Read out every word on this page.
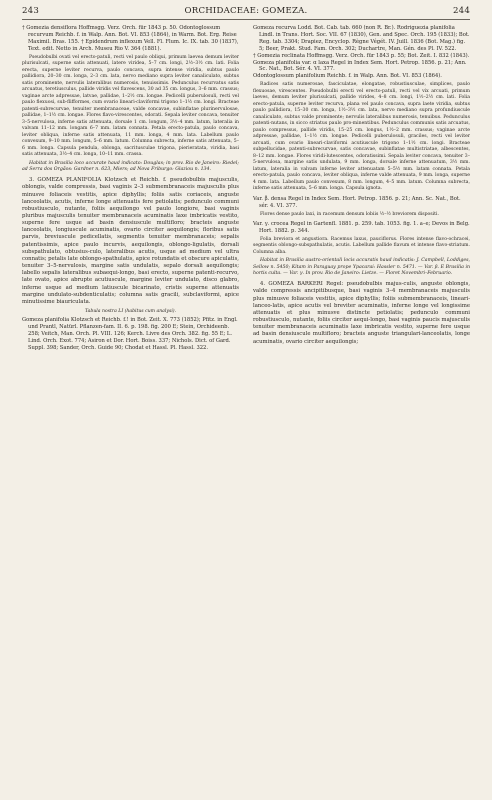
243	ORCHIDACEAE: GOMEZA.	244

† Gomezia densiflora Hoffmsgg. Verz. Orch. für 1843 p. 50. Odontoglossum recurvum Reichb. f. in Walp. Ann. Bot. VI. 853 (1864), in Warm. Bot. Erg. Reise Maximil. Bras. 155. † Epidendrum inflexum Vell. Fl. Flum. Ic. IX. tab. 30 (1837), Text. edit. Netto in Arch. Museu Rio V. 364 (1881).

Pseudobulbi ovati vel erecto-patuli, recti vel paulo obliqui, primum laevea demum leviter plurisulcati, superne satis attenuati, latere viridea, 5–7 cm. longi, 2½–3½ cm. lati. Folia erecta, superne leviter recurva, paulo concava, supra intense viridia, subtus paulo pallidiora, 20–30 cm. longa, 2–3 cm. lata, nervo mediano supra leviter canaliculato, subtus satis prominente, nervulis lateralibus numerosis, tenuissimis. Pedunculus recurvatus satis arcuatus, teretiusculus, pallide viridis vel flavescens, 30 ad 35 cm. longus, 3–6 mm. crassus; vaginae arcte adpressae, latvae, pallidae, 1–2½ cm. longae. Pedicelli puberulosuli, recti vel paulo flexuosi, sub-flifformes, cum ovario lineari-claviformi trigono 1–1½ cm. longi. Bracteae patenti-subrecurvae, tenuiter membranaceae, valde concavae, subinflatae plurinervulosae, pallidae, 1–1½ cm. longae. Flores flavo-virescentes, odorati. Sepala leviter concava, tenuiter 3–5-nervulosa, inferne satis attenuata, dorsale 1 cm. longum, 3½–4 mm. latum, lateralia in valvam 11–12 mm. longam 6–7 mm. latam connata. Petala erecto-patula, paulo concava, leviter obliqua, inferne satis attenuata, 11 mm. longa, 4 mm. lata. Labellum paulo convexum, 9–10 mm. longum, 5–6 mm. latum. Columna subrecta, inferne satis attenuata, 5–6 mm. longa. Capsula pendula, oblonga, sacritusculae trigona, pierieratata, viridia, basi satis attenuata, 3½–4 cm. longa, 10–11 mm. crassa.

Habitat in Brasilia loco accurate haud indicato: Douglas; in prov. Rio de Janeiro: Riedel; ad Serra dos Orgãos: Gardner n. 623, Miers; ad Nova Friburgo: Glaziou n. 134.

3. GOMEZA PLANIFOLIA Klotzsch et Reichb. f. pseudobulbis majusculis, oblongis, valde compressis, basi vaginis 2–3 submembranaceis majusculis plus minusve foliaceis vestitis, apice diphyllis; foliis satis coriaceis, anguste lanceolatis, acutis, inferne longe attenuatis fere petiolatis; pedunculo communi robustiusculo, nutante, foliis aequilongo vel paulo longiore, basi vaginis pluribus majusculis tenuiter membranaceis acuminatis laxe imbricatis vestito, superne fere usque ad basin densiuscule multifloro; bracteis anguste lanceolatis, longiuscule acuminatis, ovario circiter aequilongis; floribus satis parvis, breviuscule pedicellatis, segmentis tenuiter membranaceis; sepalis patentissimis, apice paulo incurvis, aequilongis, oblongo-ligulatis, dorsali subspathulato, obtusius-culo, lateralibus acutis, usque ad medium vel ultra connatis; petalis late oblongo-spathulatis, apice rotundatis et obscure apiculatis, tenuiter 3–5-nervulosis, margine satis undulatis, sepalo dorsali aequilongis; labello sepalis lateralibus subaequi-longo, basi erecto, superne patenti-recurvo, late ovato, apice abrupte acutiuscule, margine leviter undulato, disco glabro, inferne usque ad medium latiuscule bicarinato, cristis superne attenuatis margine undulato-subdenticulatis; columna satis gracili, subclaviformi, apice minutissime biauriculata.

Tabula nostra LI (habitus cum analysi).

Gomeza planifolia Klotzsch et Reichb. f.! in Bot. Zeit. X. 773 (1852); Pfitz. in Engl. und Prantl, Natürl. Pflanzen-fam. II. 6. p. 198. fig. 200 E; Stein, Orchideenb. 258; Veitch, Man. Orch. Pl. VIII. 126; Kerch. Livre des Orch. 382. fig. 55 E; L. Lind. Orch. Exot. 774; Asiron et Dor. Hort. Boiss. 337; Nichols. Dict. of Gard. Suppl. 398; Sander, Orch. Guide 90; Chodat et Hassl. Pl. Hassl. 322.

Gomeza recurva Lodd. Bot. Cab. tab. 660 (non R. Br.). Rodriguezia planifolia Lindl. in Trans. Hort. Soc. VII. 67 (1830), Gen. and Spec. Orch. 195 (1833); Bot. Reg. tab. 3304; Drapiez, Encyclop. Règne Végét. IV. Juill. 1836 (Bot. Mag.) fig. 5; Beer, Prakt. Stud. Fam. Orch. 302; Duchartre, Man. Gén. des Pl. IV. 522.

† Gomezia reclinata Hoffmsgg. Verz. Orch. für 1843 p. 55; Bot. Zeit. I. 832 (1843).

Gomeza planifolia var. α laxa Regel in Index Sem. Hort. Petrop. 1856. p. 21; Ann. Sc. Nat., Bot. Sér. 4. VI. 377.

Odontoglossum planifolium Reichb. f. in Walp. Ann. Bot. VI. 853 (1864).

Radices satis numerosae, fasciculatae, elongatae, robustiusculae, simplices, paulo flexuosae, virescentes. Pseudobulbi erecti vel erecto-patuli, recti vel vix arcuati, primum laeves, demum leviter plurisulcati, pallide virides, 4–8 cm. longi, 1½–2½ cm. lati. Folia erecto-patula, superne leviter recurva, plana vel paulo concava, supra laete viridia, subtus paulo pallidiora, 15–30 cm. longa, 1½–3½ cm. lata, nervo mediano supra profundiuscule canaliculato, subtus valde prominente; nervulis lateralibus numerosis, tenuibus. Pedunculus patenti-nutans, in sicco striatus paulo pro-minentibus. Pedunculus communis satis arcuatus, paulo compressus, pallide viridis, 15–25 cm. longus, 1½–2 mm. crassus; vaginae arcte adpressae, pallidae, 1–1½ cm. longae. Pedicelli puberulosuli, graciles, recti vel leviter arcuati, cum ovario lineari-claviformi acutiuscule trigono 1–1½ cm. longi. Bracteae subpellucidae, patenti-subrecurvae, satis concavae, subinflatae multistriatae, albescentes, 8–12 mm. longae. Flores viridi-lutescentes, odoratissimi. Sepala leviter concava, tenuiter 3–5-nervulosa, margine satis undulata, 9 mm. longa, dorsale inferne attenuatum, 3½ mm. latum, lateralia in valvam inferne leviter attenuatam 5–5½ mm. latam connata. Petala erecto-patula, paulo concava, leviter obliqua, inferne valde attenuata, 9 mm. longa, superne 4 mm. lata. Labellum paulo convexum, 8 mm. longum, 4–5 mm. latum. Columna subrecta, inferne satis attenuata, 5–6 mm. longa. Capsula ignota.

Var. β. densa Regel in Index Sem. Hort. Petrop. 1856. p. 21; Ann. Sc. Nat., Bot. sér. 4. VI. 377.

Flores dense paulo laxi, in racemum densum lobiis ½–½ breviorem dispositi.

Var. γ. crocea Regel in Gartenfl. 1881. p. 259. tab. 1053. fig. 1. a–e; Devos in Belg. Hort. 1882. p. 344.

Folia breviora et angustiora. Racemus laxus, pauciflorus. Flores intense flavo-ochracei, segmentis oblongo-subspathulatis, acutis. Labellum pallide flavum et intense flavo-striatum. Columna alba.

Habitat in Brasilia austro-orientali locis accuratis haud indicatis: J. Campbell, Loddiges, Sellow n. 5450; Kitam in Paraguay prope Ypacarai: Hassler n. 5471. — Var. β. E Brasilia in hortis culta. — Var. γ. In prov. Rio de Janeiro: Lietze. — Floret Novembri–Februario.

4. GOMEZA BARKERI Regel: pseudobulbis majus-culis, anguste oblongis, valde compressis ancipitibusque, basi vaginis 3–4 membranaceis majusculis plus minusve foliaceis vestitis, apice diphyllis; foliis submembranaceis, lineari-lanceo-latis, apice acutis vel breviter acuminatis, inferne longe vel longissime attenuatis et plus minusve distincte petiolatis; pedunculo communi robustiusculo, nutante, foliis circiter aequi-longo, basi vaginis paucis majusculis tenuiter membranaceis acuminatis laxe imbricatis vestito, superne fere usque ad basin densiuscule multifloro; bracteis anguste triangulari-lanceolatis, longe acuminatis, ovario circiter aequilongis;
